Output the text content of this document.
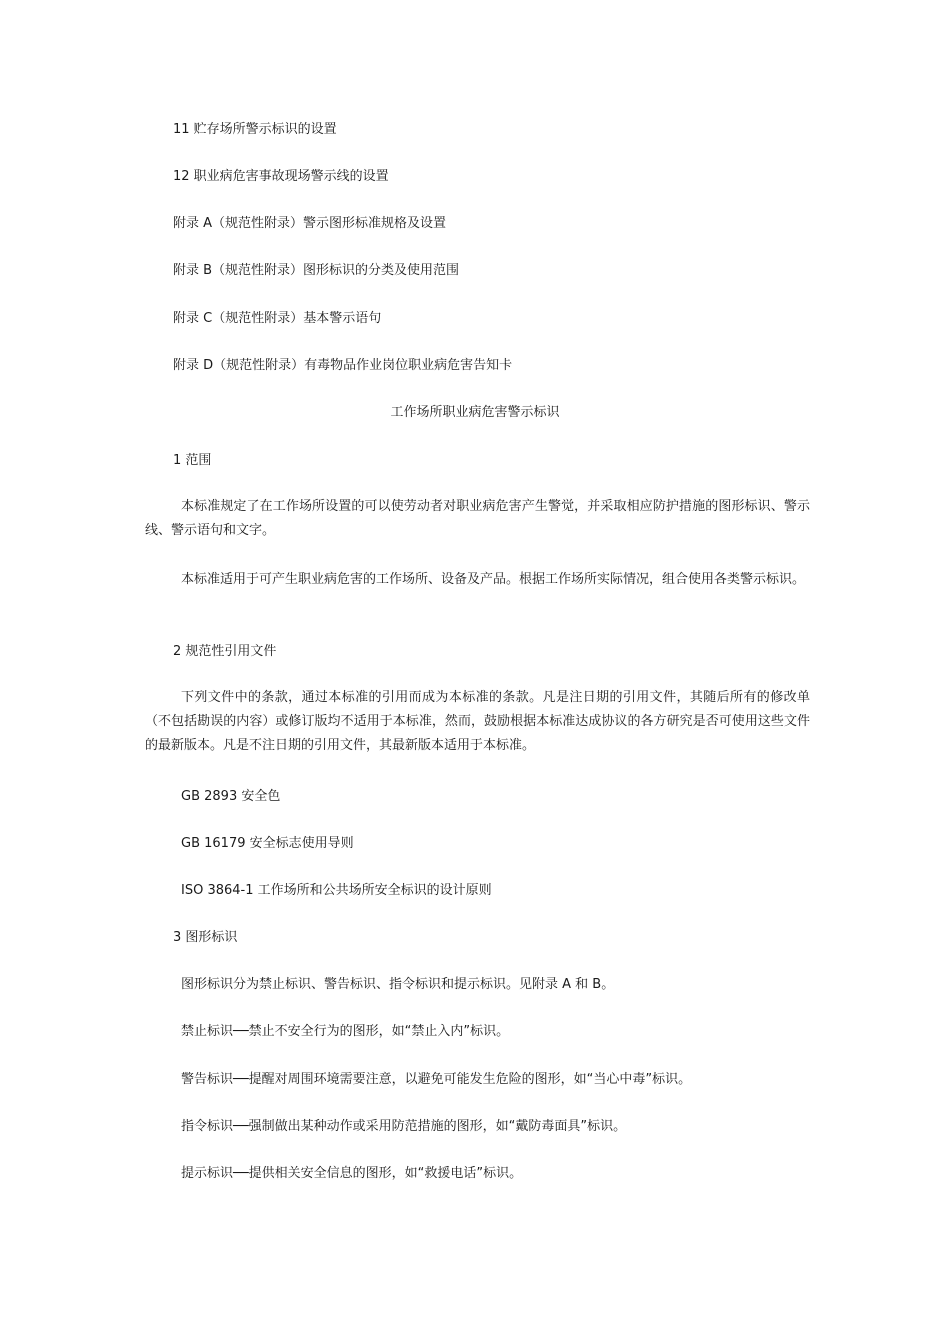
11 贮存场所警示标识的设置
12 职业病危害事故现场警示线的设置
附录 A（规范性附录）警示图形标准规格及设置
附录 B（规范性附录）图形标识的分类及使用范围
附录 C（规范性附录）基本警示语句
附录 D（规范性附录）有毒物品作业岗位职业病危害告知卡
工作场所职业病危害警示标识
1 范围
本标准规定了在工作场所设置的可以使劳动者对职业病危害产生警觉，并采取相应防护措施的图形标识、警示线、警示语句和文字。
本标准适用于可产生职业病危害的工作场所、设备及产品。根据工作场所实际情况，组合使用各类警示标识。
2 规范性引用文件
下列文件中的条款，通过本标准的引用而成为本标准的条款。凡是注日期的引用文件，其随后所有的修改单（不包括勘误的内容）或修订版均不适用于本标准，然而，鼓励根据本标准达成协议的各方研究是否可使用这些文件的最新版本。凡是不注日期的引用文件，其最新版本适用于本标准。
GB 2893 安全色
GB 16179 安全标志使用导则
ISO 3864-1 工作场所和公共场所安全标识的设计原则
3 图形标识
图形标识分为禁止标识、警告标识、指令标识和提示标识。见附录 A 和 B。
禁止标识──禁止不安全行为的图形，如“禁止入内”标识。
警告标识──提醒对周围环境需要注意，以避免可能发生危险的图形，如“当心中毒”标识。
指令标识──强制做出某种动作或采用防范措施的图形，如“戴防毒面具”标识。
提示标识──提供相关安全信息的图形，如“救援电话”标识。
